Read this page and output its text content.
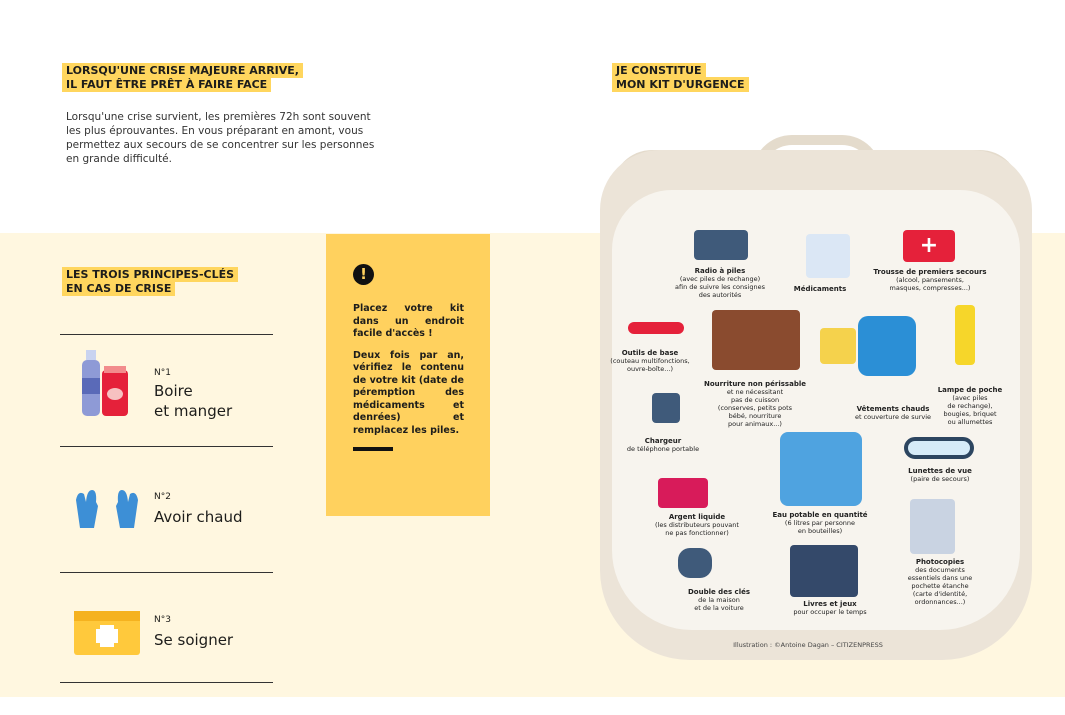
LORSQU'UNE CRISE MAJEURE ARRIVE,
IL FAUT ÊTRE PRÊT À FAIRE FACE

Lorsqu'une crise survient, les premières 72h sont souvent les plus éprouvantes. En vous préparant en amont, vous permettez aux secours de se concentrer sur les personnes en grande difficulté.

LES TROIS PRINCIPES-CLÉS
EN CAS DE CRISE
N°1
Boire
et manger
N°2
Avoir chaud
N°3
Se soigner
!

Placez votre kit dans un endroit facile d'accès !

Deux fois par an, vérifiez le contenu de votre kit (date de péremption des médicaments et denrées) et remplacez les piles.

JE CONSTITUE
MON KIT D'URGENCE
+
Radio à piles
(avec piles de rechange)
afin de suivre les consignes
des autorités
Médicaments
Trousse de premiers secours
(alcool, pansements,
masques, compresses...)
Outils de base
(couteau multifonctions,
ouvre-boîte...)
Nourriture non périssable
et ne nécessitant
pas de cuisson
(conserves, petits pots
bébé, nourriture
pour animaux...)
Vêtements chauds
et couverture de survie
Lampe de poche
(avec piles
de rechange),
bougies, briquet
ou allumettes
Chargeur
de téléphone portable
Lunettes de vue
(paire de secours)
Argent liquide
(les distributeurs pouvant
ne pas fonctionner)
Eau potable en quantité
(6 litres par personne
en bouteilles)
Photocopies
des documents
essentiels dans une
pochette étanche
(carte d'identité,
ordonnances...)
Double des clés
de la maison
et de la voiture	Livres et jeux
pour occuper le temps
Illustration : ©Antoine Dagan – CITIZENPRESS
